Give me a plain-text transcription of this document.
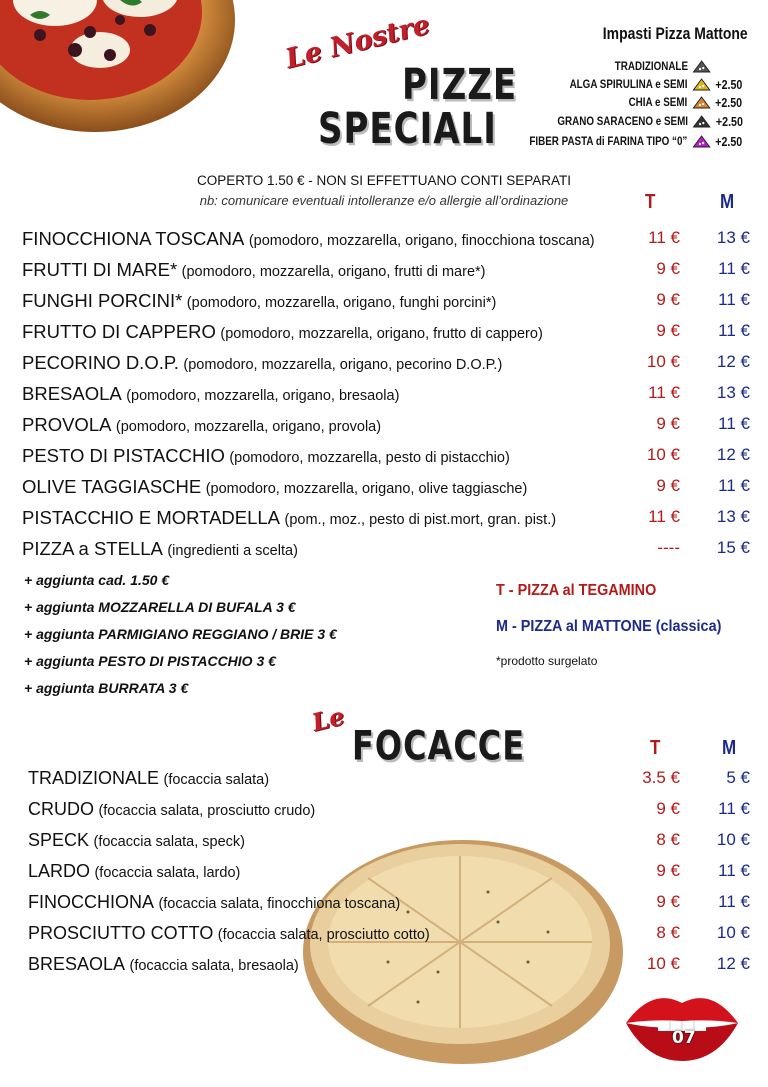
Le Nostre
PIZZE
SPECIALI
Impasti Pizza Mattone
TRADIZIONALE
ALGA SPIRULINA e SEMI +2.50
CHIA e SEMI +2.50
GRANO SARACENO e SEMI +2.50
FIBER PASTA di FARINA TIPO “0” +2.50
COPERTO 1.50 € - NON SI EFFETTUANO CONTI SEPARATI
nb: comunicare eventuali intolleranze e/o allergie all’ordinazione	T	M
FINOCCHIONA TOSCANA (pomodoro, mozzarella, origano, finocchiona toscana)	11 €	13 €
FRUTTI DI MARE* (pomodoro, mozzarella, origano, frutti di mare*)	9 €	11 €
FUNGHI PORCINI* (pomodoro, mozzarella, origano, funghi porcini*)	9 €	11 €
FRUTTO DI CAPPERO (pomodoro, mozzarella, origano, frutto di cappero)	9 €	11 €
PECORINO D.O.P. (pomodoro, mozzarella, origano, pecorino D.O.P.)	10 €	12 €
BRESAOLA (pomodoro, mozzarella, origano, bresaola)	11 €	13 €
PROVOLA (pomodoro, mozzarella, origano, provola)	9 €	11 €
PESTO DI PISTACCHIO (pomodoro, mozzarella, pesto di pistacchio)	10 €	12 €
OLIVE TAGGIASCHE (pomodoro, mozzarella, origano, olive taggiasche)	9 €	11 €
PISTACCHIO E MORTADELLA (pom., moz., pesto di pist.mort, gran. pist.)	11 €	13 €
PIZZA a STELLA (ingredienti a scelta)	----	15 €
+ aggiunta cad. 1.50 €
+ aggiunta MOZZARELLA DI BUFALA 3 €
+ aggiunta PARMIGIANO REGGIANO / BRIE 3 €
+ aggiunta PESTO DI PISTACCHIO 3 €
+ aggiunta BURRATA 3 €
T - PIZZA al TEGAMINO
M - PIZZA al MATTONE (classica)
*prodotto surgelato
Le
FOCACCE	T	M
TRADIZIONALE (focaccia salata)	3.5 €	5 €
CRUDO (focaccia salata, prosciutto crudo)	9 €	11 €
SPECK (focaccia salata, speck)	8 €	10 €
LARDO (focaccia salata, lardo)	9 €	11 €
FINOCCHIONA (focaccia salata, finocchiona toscana)	9 €	11 €
PROSCIUTTO COTTO (focaccia salata, prosciutto cotto)	8 €	10 €
BRESAOLA (focaccia salata, bresaola)	10 €	12 €
07
